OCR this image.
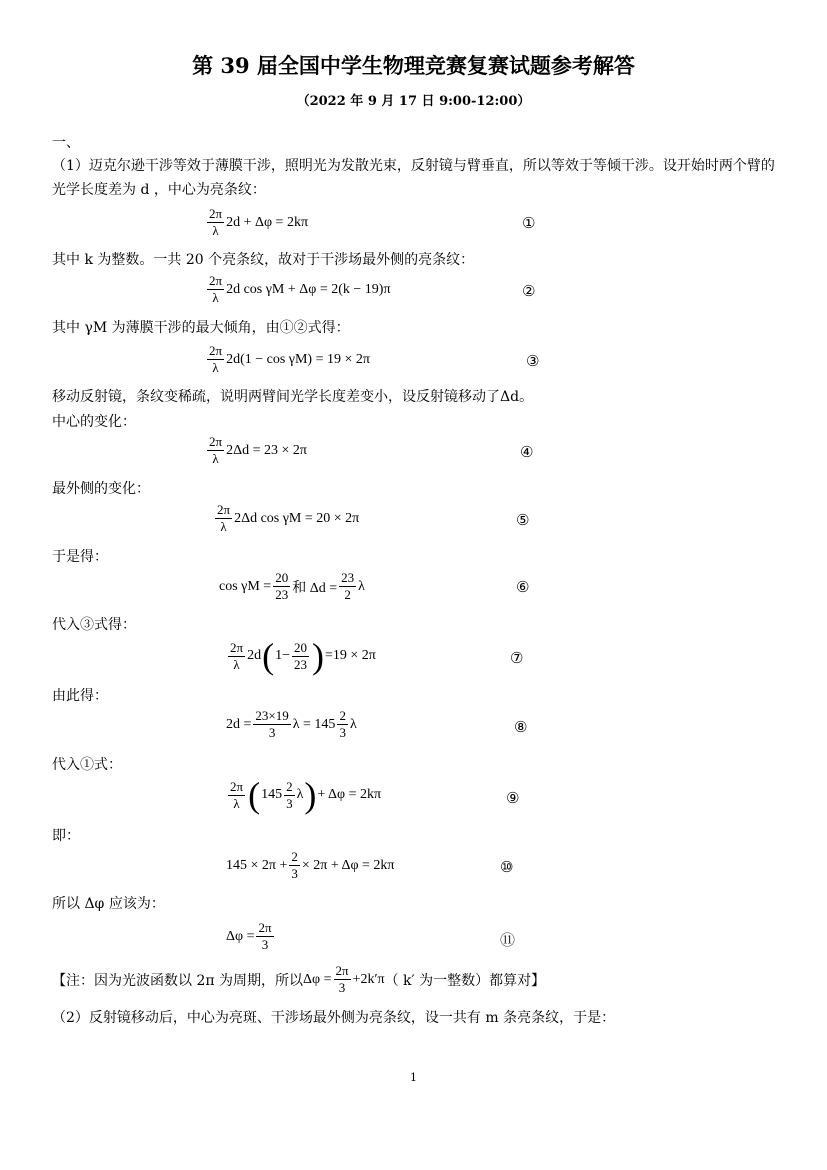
第 39 届全国中学生物理竞赛复赛试题参考解答
（2022 年 9 月 17 日 9:00-12:00）
一、
（1）迈克尔逊干涉等效于薄膜干涉，照明光为发散光束，反射镜与臂垂直，所以等效于等倾干涉。设开始时两个臂的光学长度差为 d ，中心为亮条纹：
$\frac{2\pi}{\lambda} 2d + \Delta\varphi = 2k\pi$	①
其中 k 为整数。一共 20 个亮条纹，故对于干涉场最外侧的亮条纹：
$\frac{2\pi}{\lambda} 2d$ cos γM + Δφ = 2(k − 19)π	②
其中 γM 为薄膜干涉的最大倾角，由①②式得：
$\frac{2\pi}{\lambda} 2d(1 - \cos \gamma M) = 19 \times 2\pi$	③
移动反射镜，条纹变稀疏，说明两臂间光学长度差变小，设反射镜移动了Δd。
中心的变化：
$\frac{2\pi}{\lambda} 2\Delta d = 23 \times 2\pi$	④
最外侧的变化：
$\frac{2\pi}{\lambda} 2\Delta d$ cos γM = 20 × 2π	⑤
于是得：
$\cos \gamma M = \frac{20}{23}$ 和 $\Delta d = \frac{23}{2}$ λ	⑥
代入③式得：
$\frac{2\pi}{\lambda} 2d$ ( $1- \frac{20}{23}$ ) =19 × 2π	⑦
由此得：
$2d = \frac{23\times 19}{3}$ $\lambda = 145 \frac{2}{3}$ λ	⑧
代入①式：
$\frac{2\pi}{\lambda}$ ( $145 \frac{2}{3}$ λ ) + Δφ = 2kπ	⑨
即：
$145 \times 2\pi + \frac{2}{3} \times 2\pi + \Delta\varphi = 2k\pi$	⑩
所以 Δφ 应该为：
$\Delta\varphi = \frac{2\pi}{3}$	⑪
【注：因为光波函数以 2π 为周期，所以 $\Delta\varphi = \frac{2\pi}{3} +2k'\pi$ （ k′ 为一整数）都算对】
（2）反射镜移动后，中心为亮斑、干涉场最外侧为亮条纹，设一共有 m 条亮条纹，于是：
1
